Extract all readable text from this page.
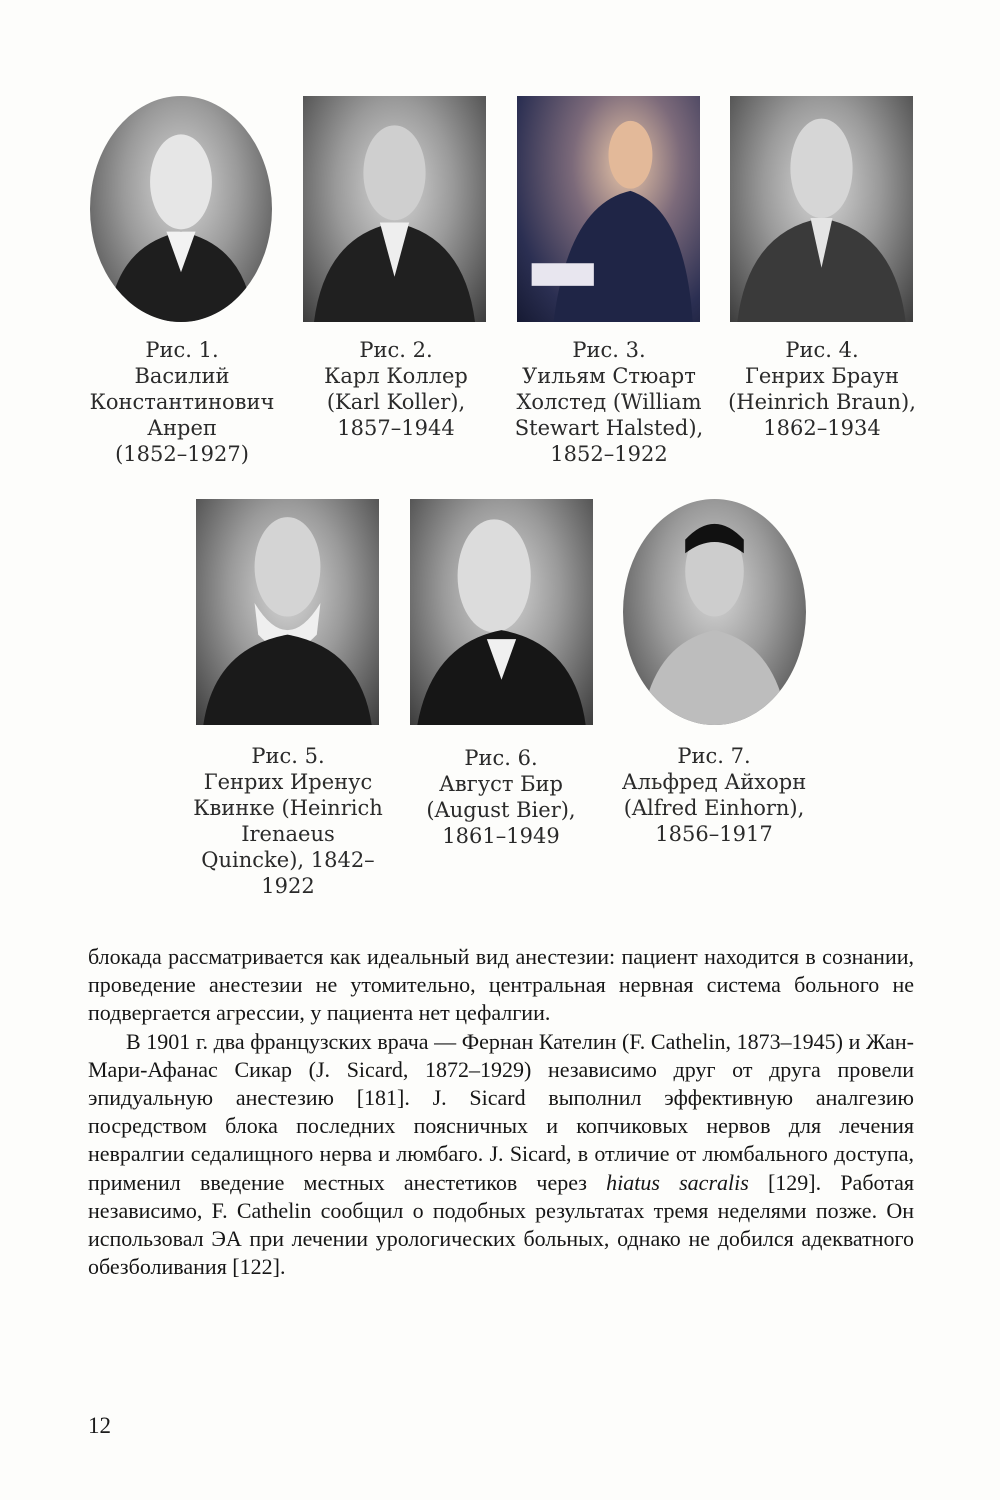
Рис. 1.
Василий
Константинович
Анреп
(1852–1927)
Рис. 2.
Карл Коллер
(Karl Koller),
1857–1944
Рис. 3.
Уильям Стюарт
Холстед (William
Stewart Halsted),
1852–1922
Рис. 4.
Генрих Браун
(Heinrich Braun),
1862–1934
Рис. 5.
Генрих Иренус
Квинке (Heinrich
Irenaeus
Quincke), 1842–
1922
Рис. 6.
Август Бир
(August Bier),
1861–1949
Рис. 7.
Альфред Айхорн
(Alfred Einhorn),
1856–1917

блокада рассматривается как идеальный вид анестезии: пациент находится в сознании, проведение анестезии не утомительно, центральная нервная система больного не подвергается агрессии, у пациента нет цефалгии.

В 1901 г. два французских врача — Фернан Кателин (F. Cathelin, 1873–1945) и Жан-Мари-Афанас Сикар (J. Sicard, 1872–1929) независимо друг от друга провели эпидуальную анестезию [181]. J. Sicard выполнил эффективную аналгезию посредством блока последних поясничных и копчиковых нервов для лечения невралгии седалищного нерва и люмбаго. J. Sicard, в отличие от люмбального доступа, применил введение местных анестетиков через hiatus sacralis [129]. Работая независимо, F. Cathelin сообщил о подобных результатах тремя неделями позже. Он использовал ЭА при лечении урологических больных, однако не добился адекватного обезболивания [122].

12
